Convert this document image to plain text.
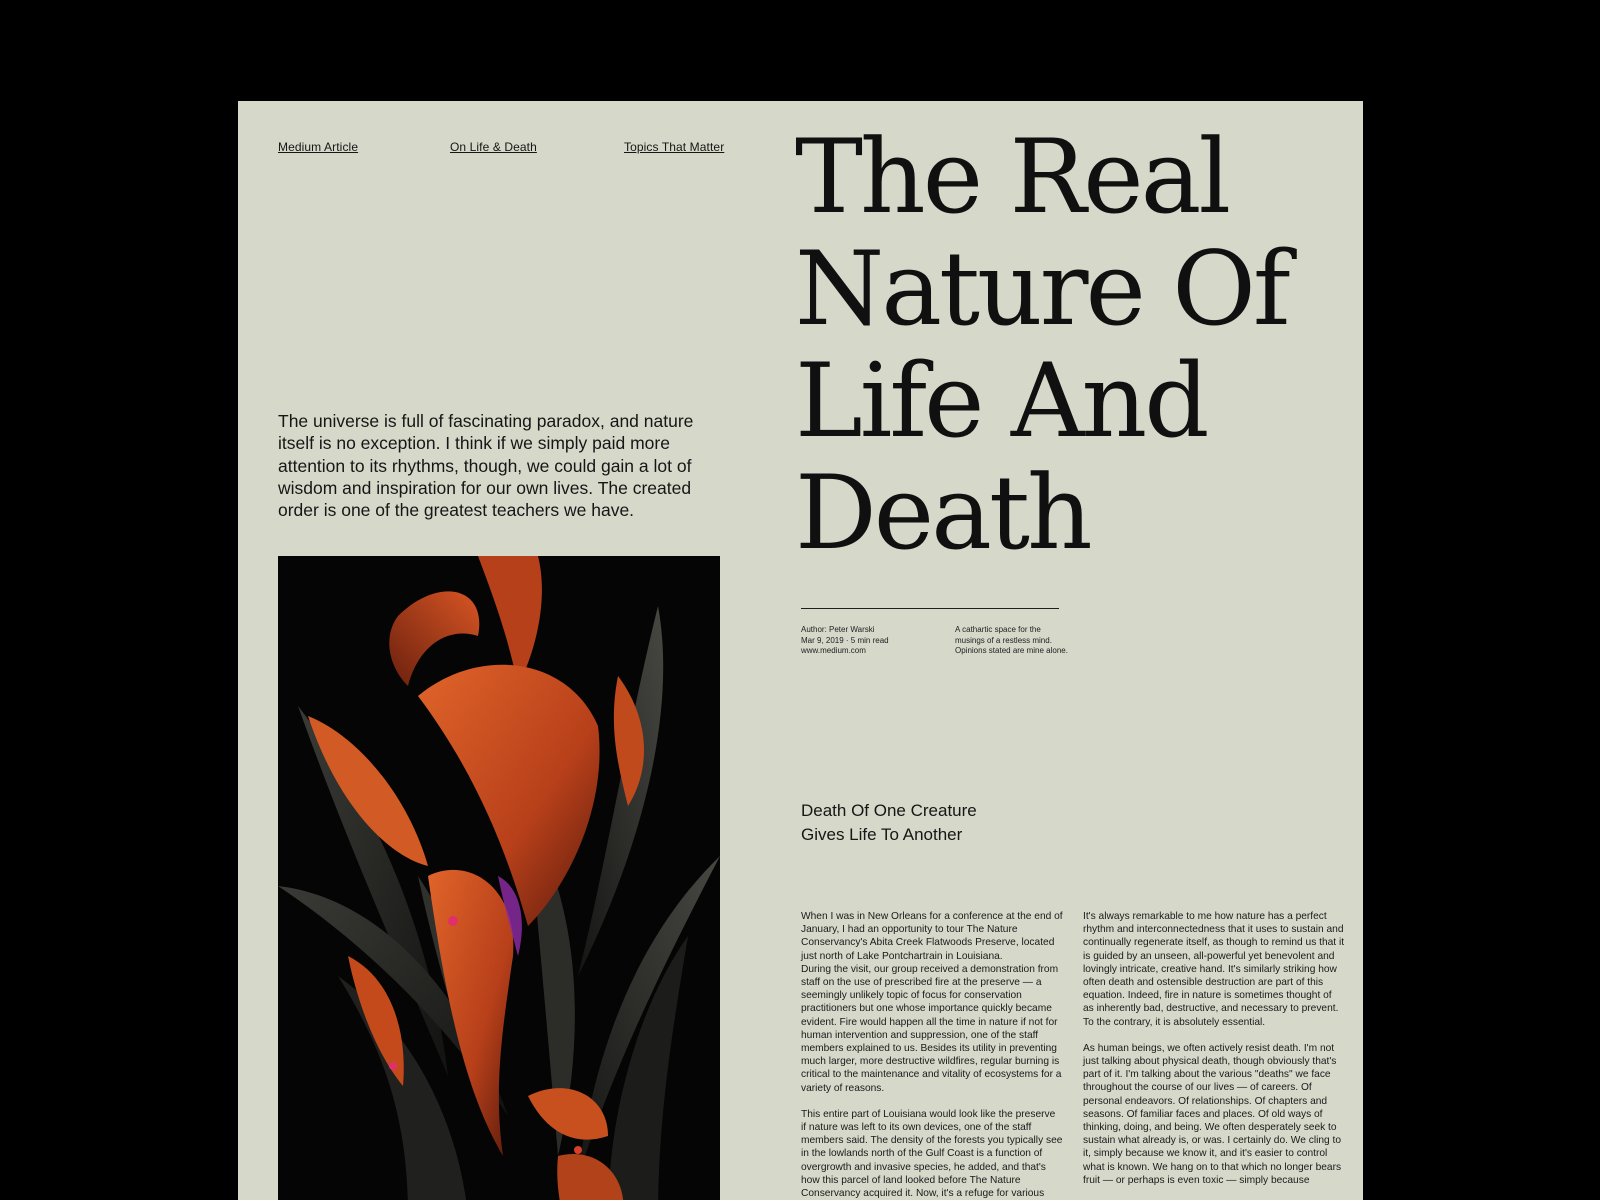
Medium Article	On Life & Death	Topics That Matter

The universe is full of fascinating paradox, and nature itself is no exception. I think if we simply paid more attention to its rhythms, though, we could gain a lot of wisdom and inspiration for our own lives. The created order is one of the greatest teachers we have.

The Real
Nature Of
Life And
Death
Author: Peter Warski
Mar 9, 2019 · 5 min read
www.medium.com
A cathartic space for the
musings of a restless mind.
Opinions stated are mine alone.
Death Of One Creature
Gives Life To Another

When I was in New Orleans for a conference at the end of January, I had an opportunity to tour The Nature Conservancy's Abita Creek Flatwoods Preserve, located just north of Lake Pontchartrain in Louisiana.

During the visit, our group received a demonstration from staff on the use of prescribed fire at the preserve — a seemingly unlikely topic of focus for conservation practitioners but one whose importance quickly became evident. Fire would happen all the time in nature if not for human intervention and suppression, one of the staff members explained to us. Besides its utility in preventing much larger, more destructive wildfires, regular burning is critical to the maintenance and vitality of ecosystems for a variety of reasons.

This entire part of Louisiana would look like the preserve if nature was left to its own devices, one of the staff members said. The density of the forests you typically see in the lowlands north of the Gulf Coast is a function of overgrowth and invasive species, he added, and that's how this parcel of land looked before The Nature Conservancy acquired it. Now, it's a refuge for various

It's always remarkable to me how nature has a perfect rhythm and interconnectedness that it uses to sustain and continually regenerate itself, as though to remind us that it is guided by an unseen, all-powerful yet benevolent and lovingly intricate, creative hand. It's similarly striking how often death and ostensible destruction are part of this equation. Indeed, fire in nature is sometimes thought of as inherently bad, destructive, and necessary to prevent. To the contrary, it is absolutely essential.

As human beings, we often actively resist death. I'm not just talking about physical death, though obviously that's part of it. I'm talking about the various "deaths" we face throughout the course of our lives — of careers. Of personal endeavors. Of relationships. Of chapters and seasons. Of familiar faces and places. Of old ways of thinking, doing, and being. We often desperately seek to sustain what already is, or was. I certainly do. We cling to it, simply because we know it, and it's easier to control what is known. We hang on to that which no longer bears fruit — or perhaps is even toxic — simply because
